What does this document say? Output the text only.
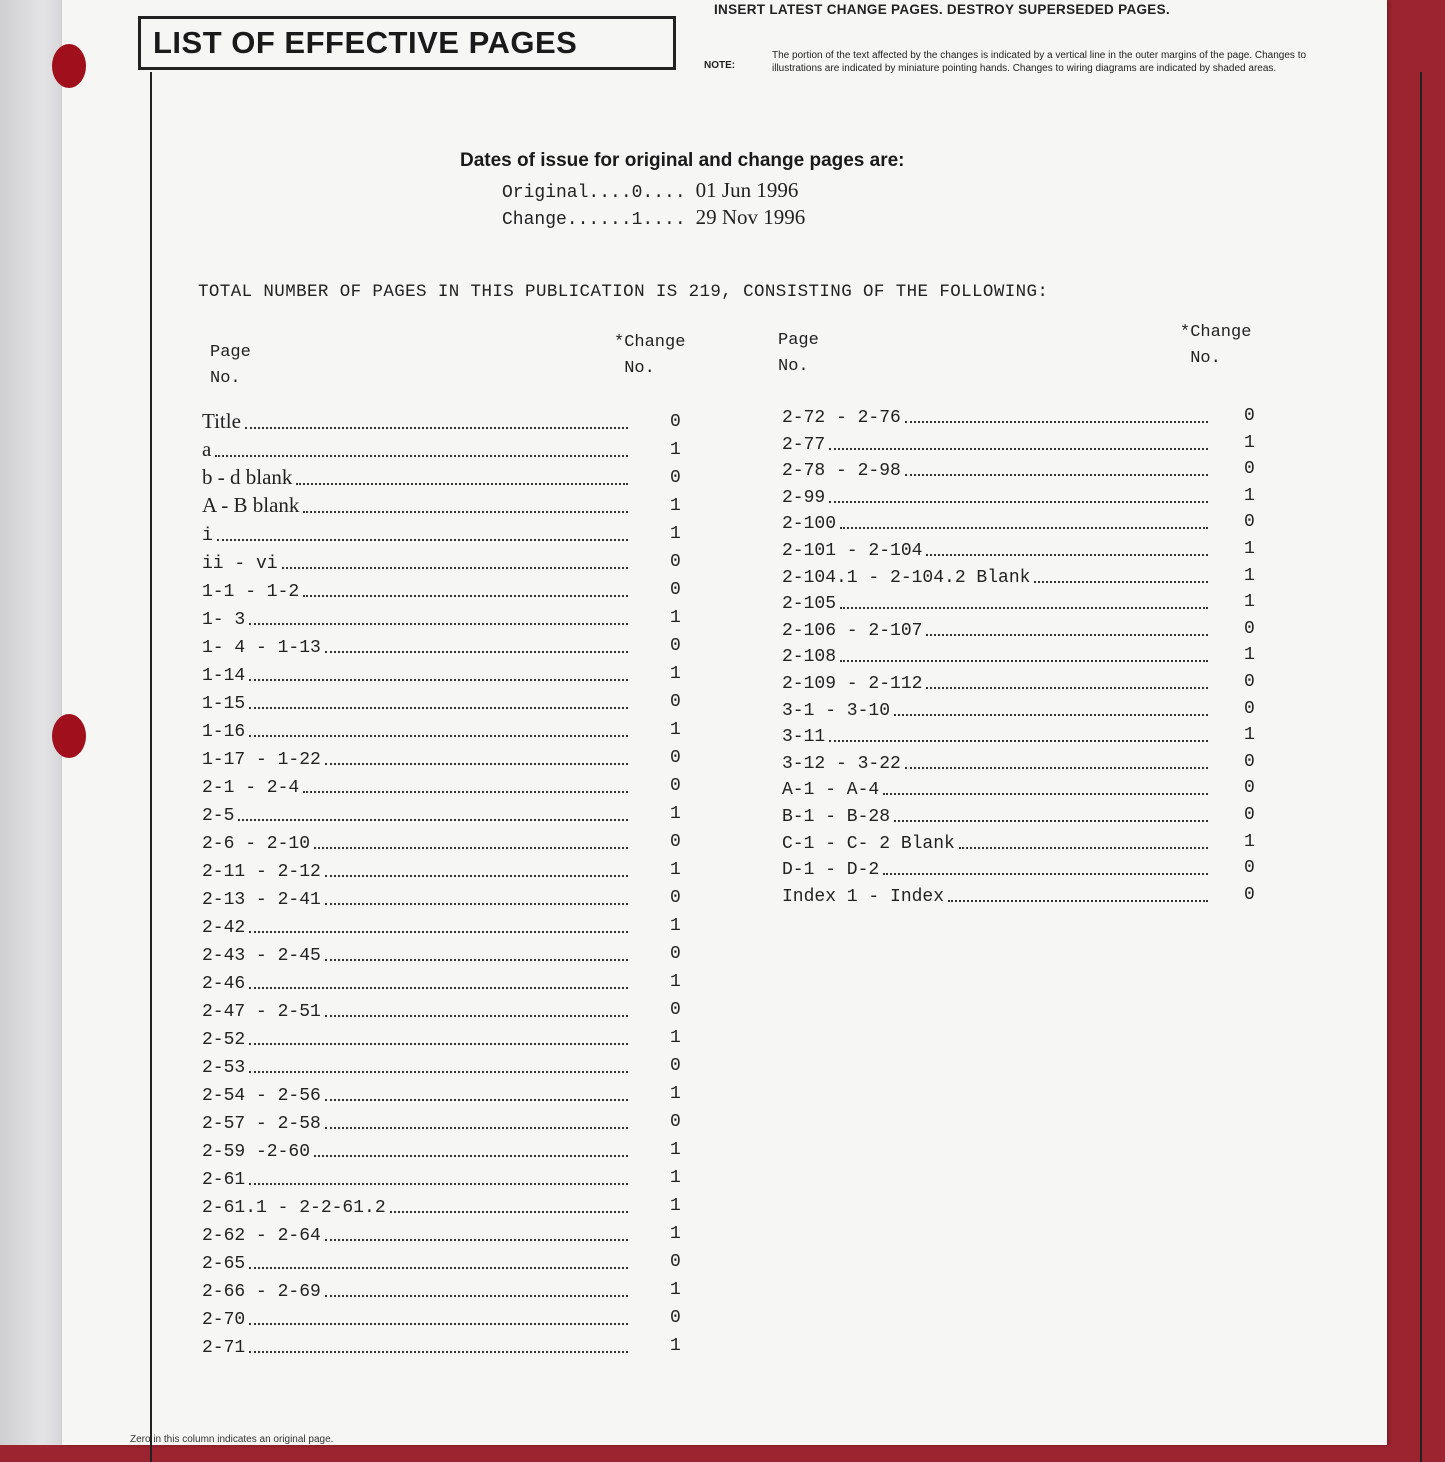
LIST OF EFFECTIVE PAGES
INSERT LATEST CHANGE PAGES. DESTROY SUPERSEDED PAGES.
NOTE:
The portion of the text affected by the changes is indicated by a vertical line in the outer margins of the page. Changes to illustrations are indicated by miniature pointing hands. Changes to wiring diagrams are indicated by shaded areas.
Dates of issue for original and change pages are:
Original....0.... 01 Jun 1996
Change......1.... 29 Nov 1996
TOTAL NUMBER OF PAGES IN THIS PUBLICATION IS 219, CONSISTING OF THE FOLLOWING:
Page
No.
*Change
No.
Page
No.
*Change
No.
Zero in this column indicates an original page.
Title	0
a	1
b - d blank	0
A - B blank	1
i	1
ii - vi	0
1-1 - 1-2	0
1- 3	1
1- 4 - 1-13	0
1-14	1
1-15	0
1-16	1
1-17 - 1-22	0
2-1 - 2-4	0
2-5	1
2-6 - 2-10	0
2-11 - 2-12	1
2-13 - 2-41	0
2-42	1
2-43 - 2-45	0
2-46	1
2-47 - 2-51	0
2-52	1
2-53	0
2-54 - 2-56	1
2-57 - 2-58	0
2-59 -2-60	1
2-61	1
2-61.1 - 2-2-61.2	1
2-62 - 2-64	1
2-65	0
2-66 - 2-69	1
2-70	0
2-71	1
2-72 - 2-76	0
2-77	1
2-78 - 2-98	0
2-99	1
2-100	0
2-101 - 2-104	1
2-104.1 - 2-104.2 Blank	1
2-105	1
2-106 - 2-107	0
2-108	1
2-109 - 2-112	0
3-1 - 3-10	0
3-11	1
3-12 - 3-22	0
A-1 - A-4	0
B-1 - B-28	0
C-1 - C- 2 Blank	1
D-1 - D-2	0
Index 1 - Index	0
